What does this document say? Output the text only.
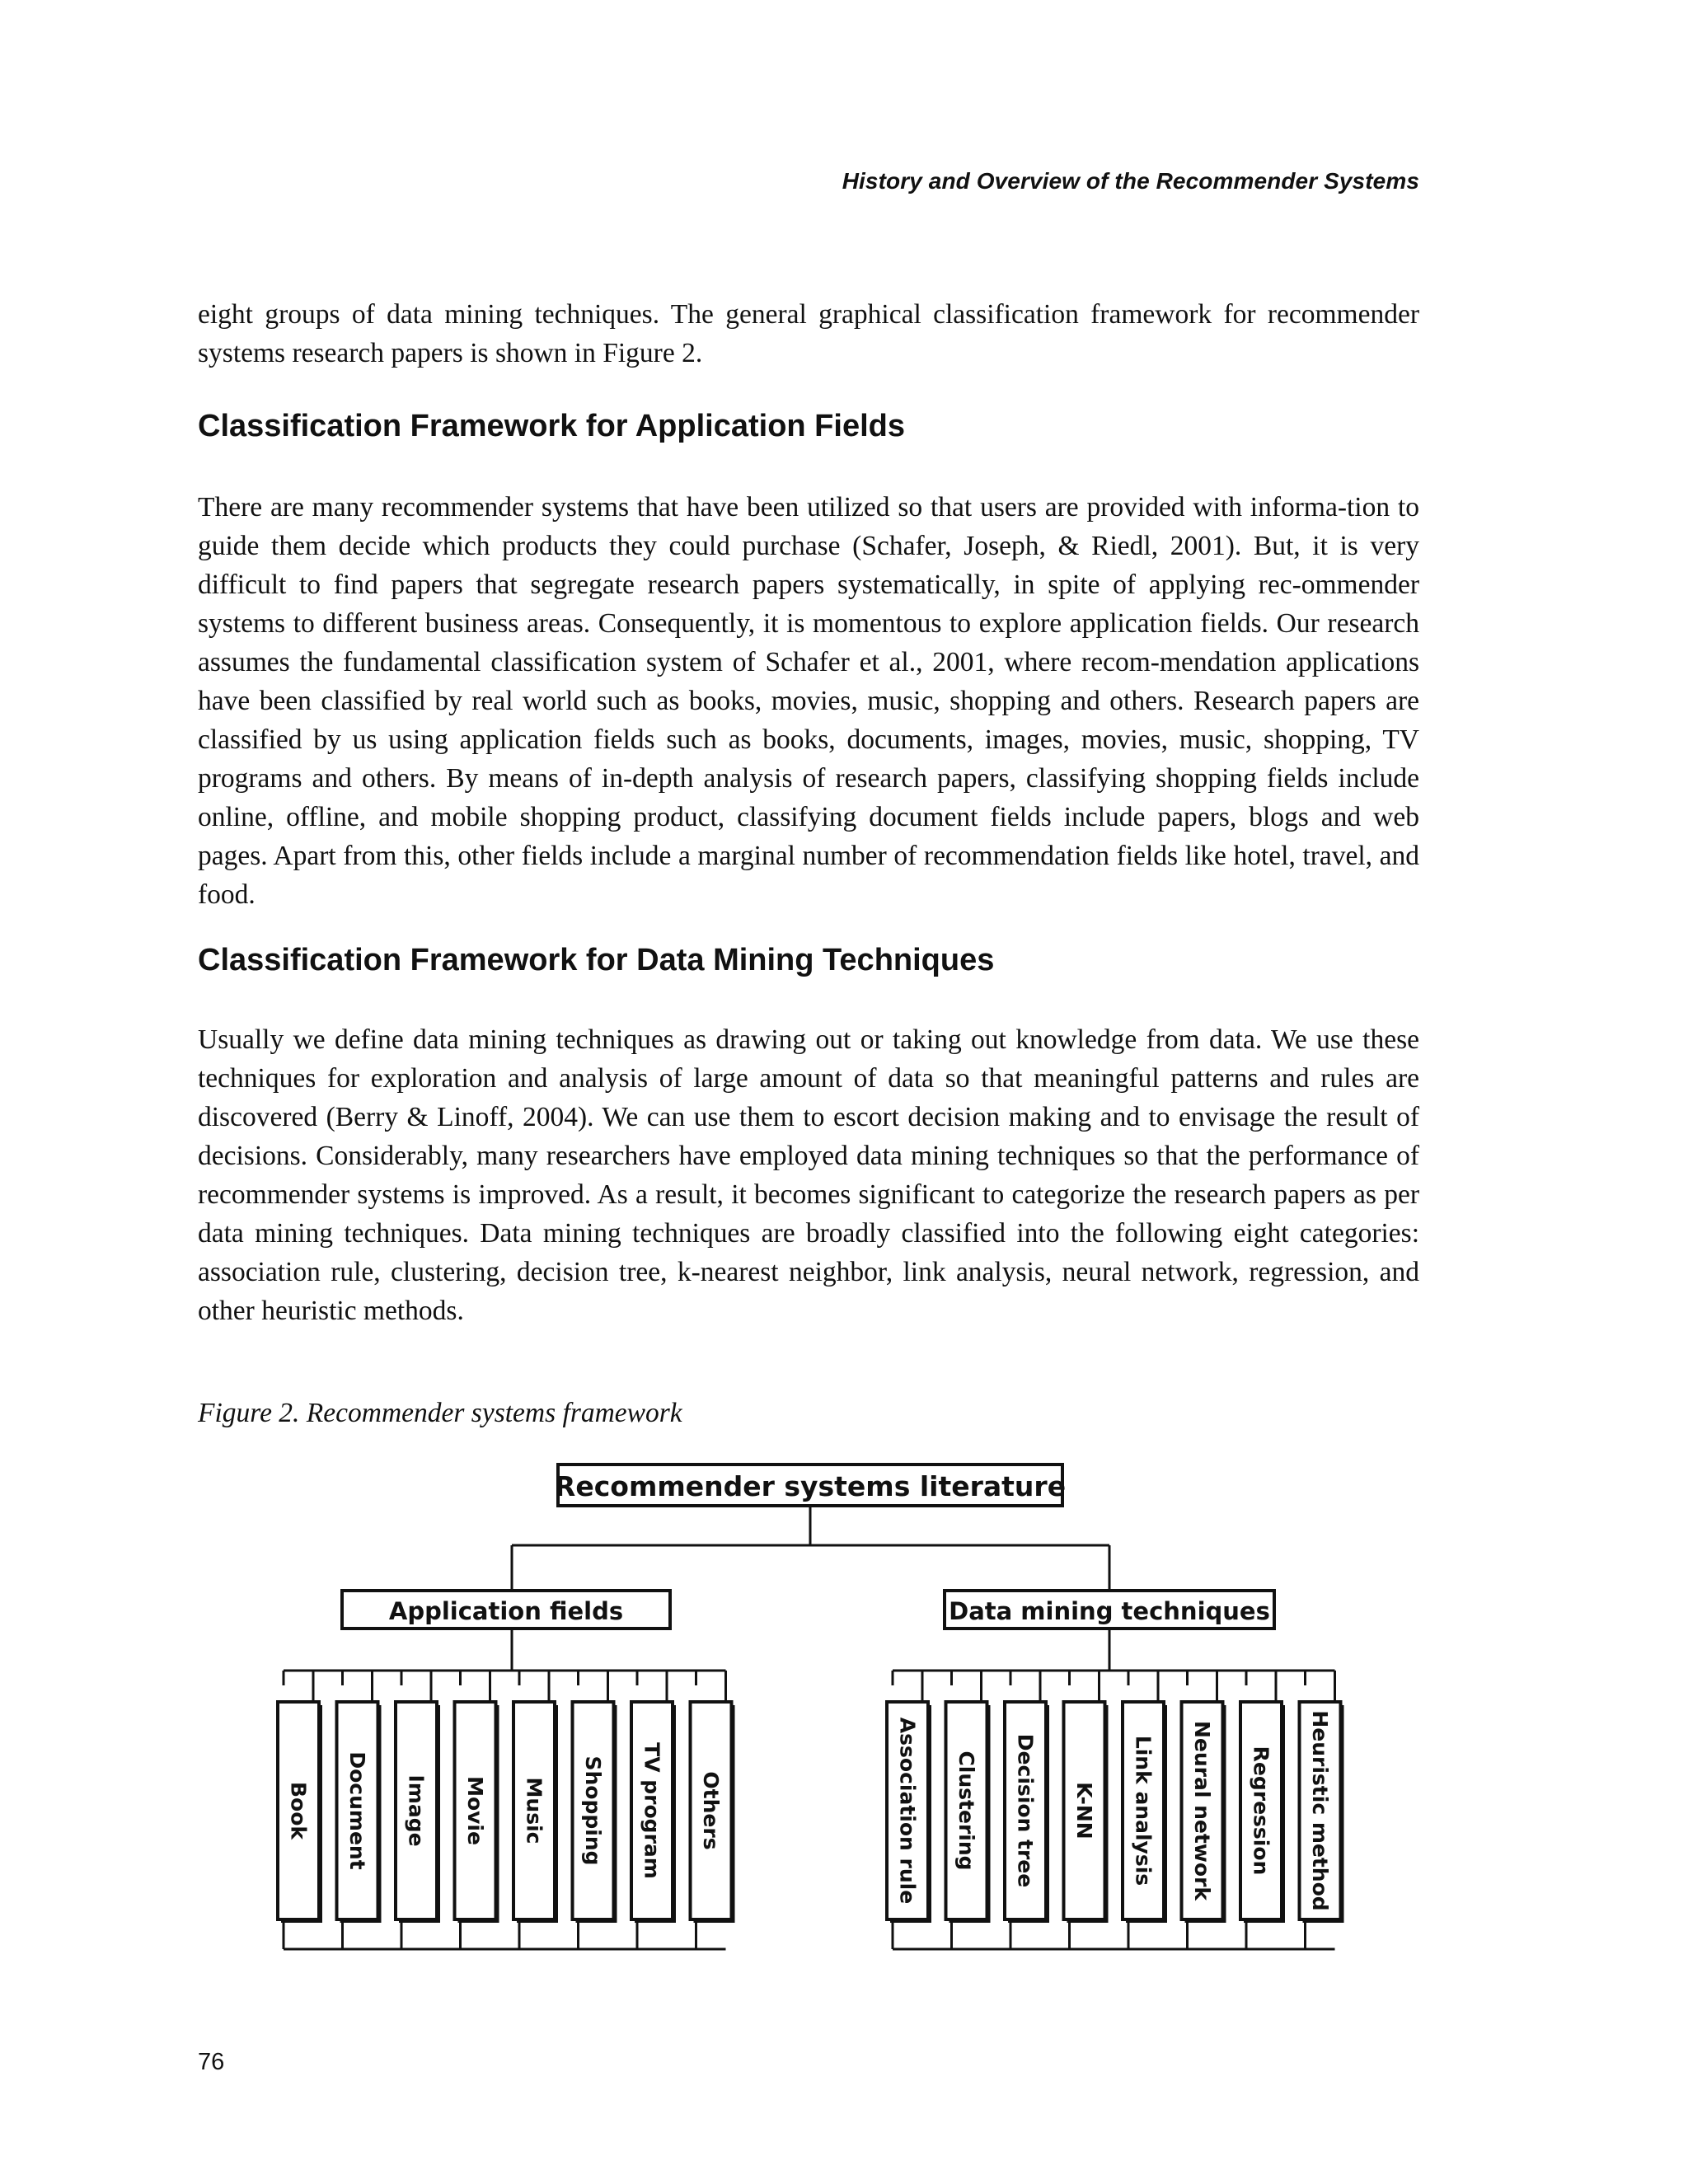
History and Overview of the Recommender Systems

eight groups of data mining techniques. The general graphical classification framework for recommender systems research papers is shown in Figure 2.

Classification Framework for Application Fields

There are many recommender systems that have been utilized so that users are provided with informa-tion to guide them decide which products they could purchase (Schafer, Joseph, & Riedl, 2001). But, it is very difficult to find papers that segregate research papers systematically, in spite of applying rec-ommender systems to different business areas. Consequently, it is momentous to explore application fields. Our research assumes the fundamental classification system of Schafer et al., 2001, where recom-mendation applications have been classified by real world such as books, movies, music, shopping and others. Research papers are classified by us using application fields such as books, documents, images, movies, music, shopping, TV programs and others. By means of in-depth analysis of research papers, classifying shopping fields include online, offline, and mobile shopping product, classifying document fields include papers, blogs and web pages. Apart from this, other fields include a marginal number of recommendation fields like hotel, travel, and food.

Classification Framework for Data Mining Techniques

Usually we define data mining techniques as drawing out or taking out knowledge from data. We use these techniques for exploration and analysis of large amount of data so that meaningful patterns and rules are discovered (Berry & Linoff, 2004). We can use them to escort decision making and to envisage the result of decisions. Considerably, many researchers have employed data mining techniques so that the performance of recommender systems is improved. As a result, it becomes significant to categorize the research papers as per data mining techniques. Data mining techniques are broadly classified into the following eight categories: association rule, clustering, decision tree, k-nearest neighbor, link analysis, neural network, regression, and other heuristic methods.

Figure 2. Recommender systems framework
Recommender systems literature
Application fields	Data mining techniques
Book Document Image Movie Music Shopping TV program Others	Association rule Clustering Decision tree K-NN Link analysis Neural network Regression Heuristic method
76
